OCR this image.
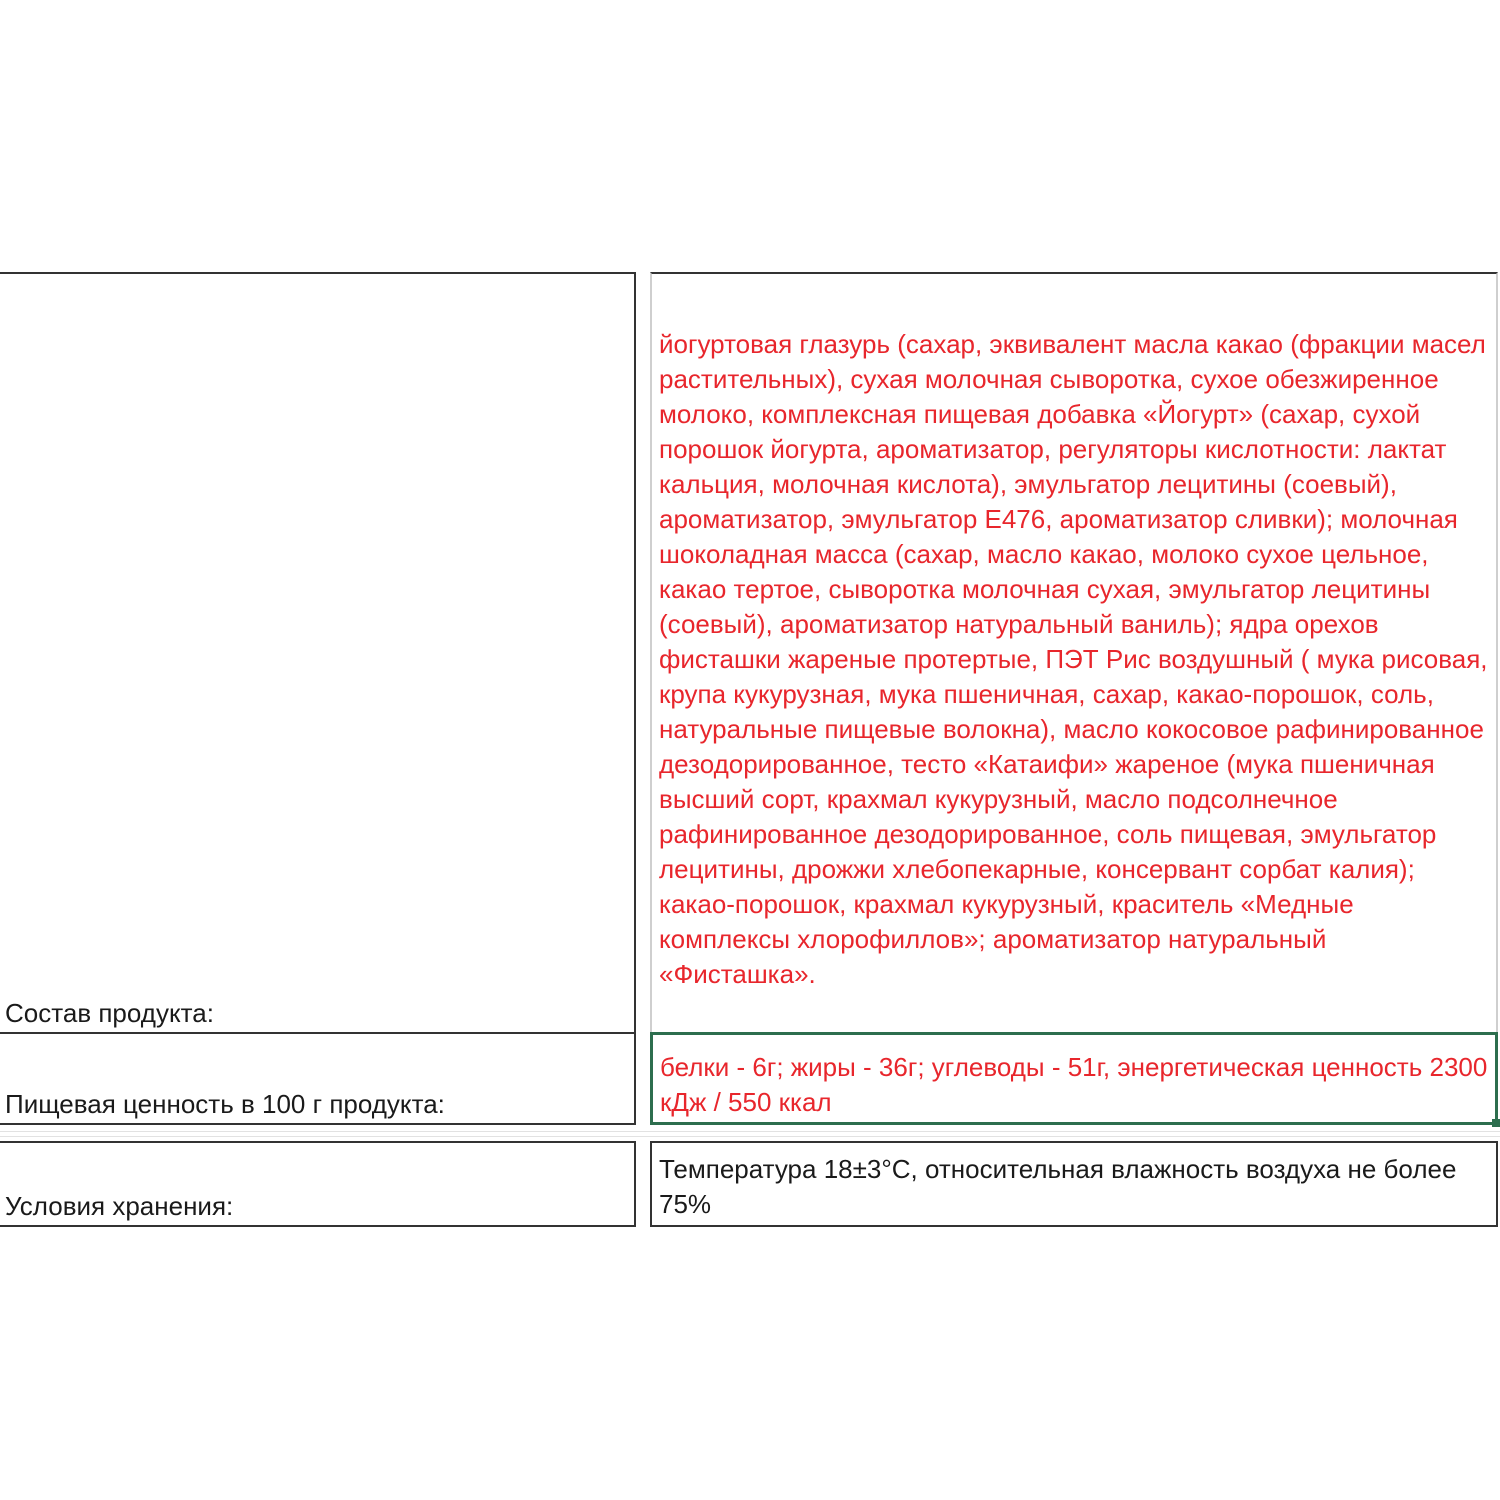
Состав продукта:
йогуртовая глазурь (сахар, эквивалент масла какао (фракции масел растительных), сухая молочная сыворотка, сухое обезжиренное молоко, комплексная пищевая добавка «Йогурт» (сахар, сухой порошок йогурта, ароматизатор, регуляторы кислотности: лактат кальция, молочная кислота), эмульгатор лецитины (соевый), ароматизатор, эмульгатор Е476, ароматизатор сливки); молочная шоколадная масса (сахар, масло какао, молоко сухое цельное, какао тертое, сыворотка молочная сухая, эмульгатор лецитины (соевый), ароматизатор натуральный ваниль); ядра орехов фисташки жареные протертые, ПЭТ Рис воздушный ( мука рисовая, крупа кукурузная, мука пшеничная, сахар, какао-порошок, соль, натуральные пищевые волокна), масло кокосовое рафинированное дезодорированное, тесто «Катаифи» жареное (мука пшеничная высший сорт, крахмал кукурузный, масло подсолнечное рафинированное дезодорированное, соль пищевая, эмульгатор лецитины, дрожжи хлебопекарные, консервант сорбат калия); какао-порошок, крахмал кукурузный, краситель «Медные комплексы хлорофиллов»; ароматизатор натуральный «Фисташка».
Пищевая ценность в 100 г продукта:
белки - 6г; жиры - 36г; углеводы - 51г, энергетическая ценность 2300 кДж / 550 ккал
Условия хранения:
Температура 18±3°С, относительная влажность воздуха не более 75%
